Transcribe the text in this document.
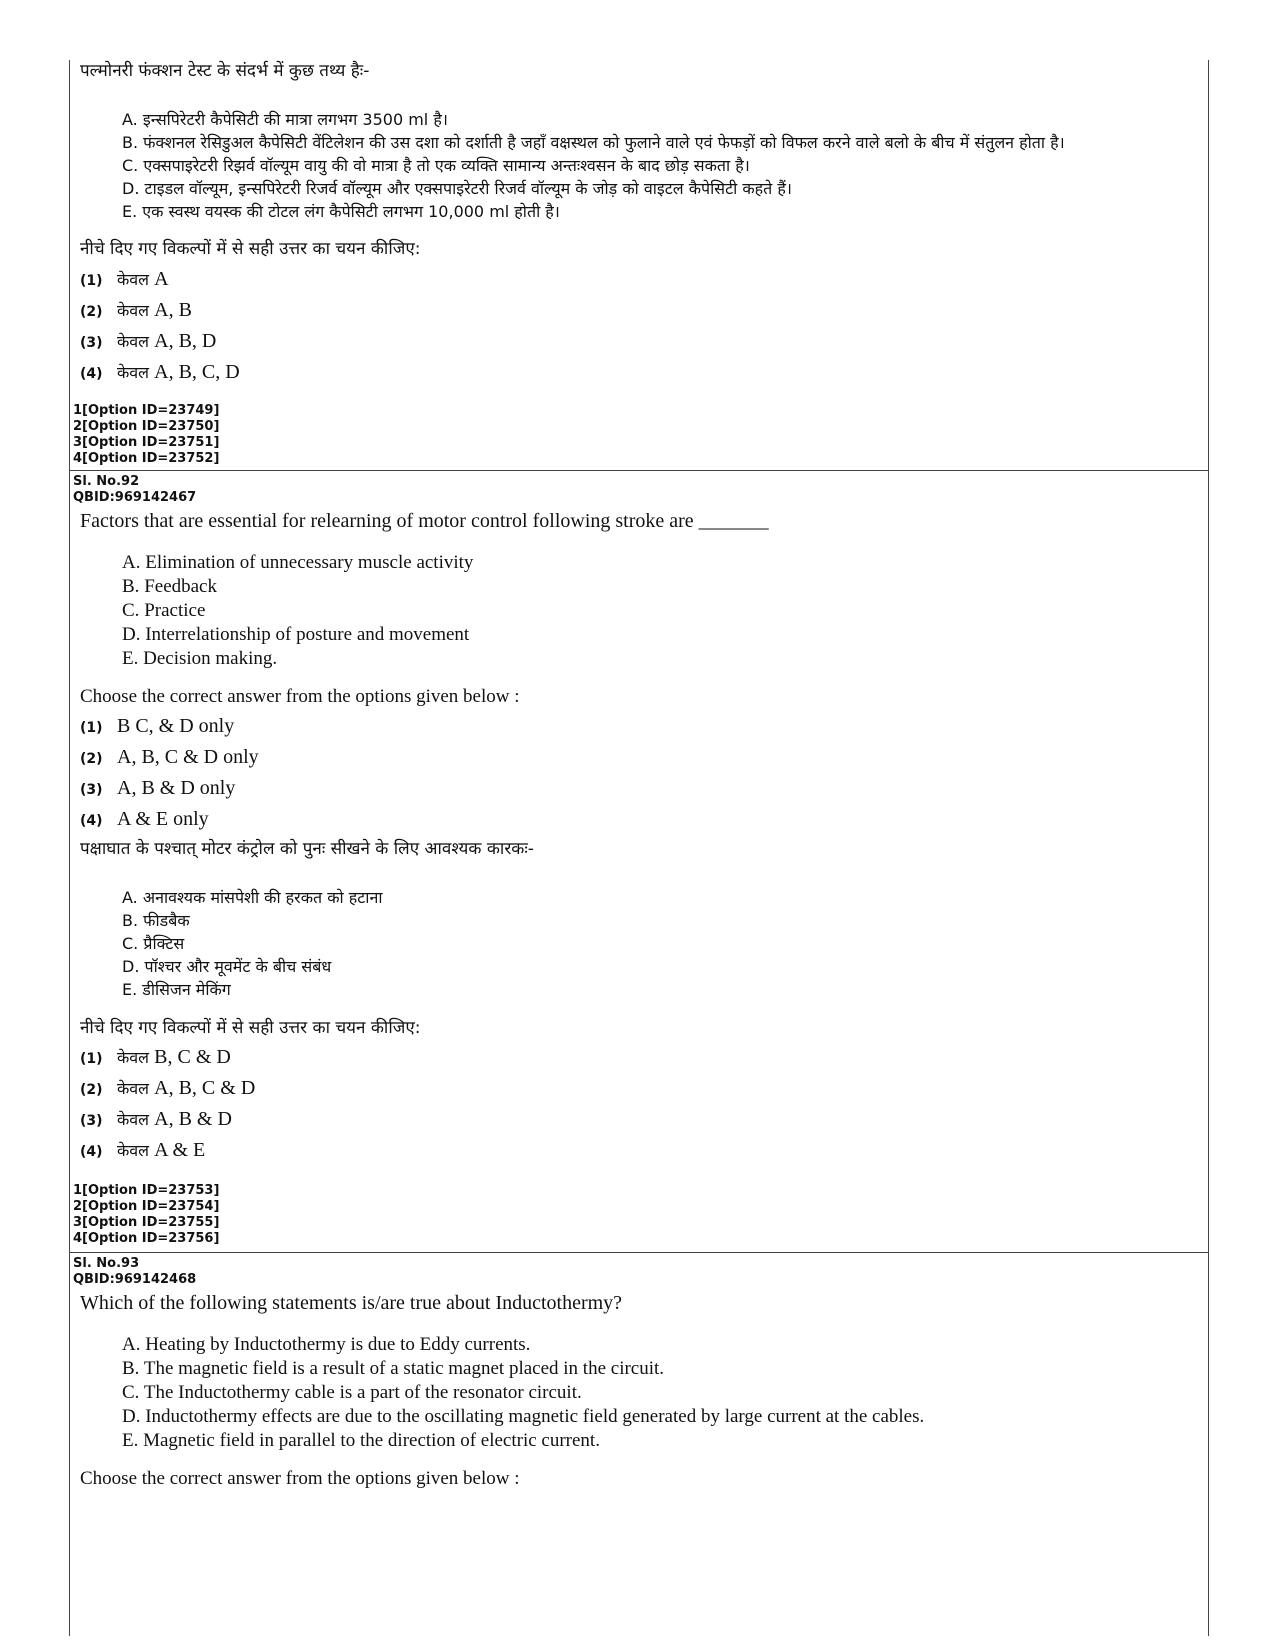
पल्मोनरी फंक्शन टेस्ट के संदर्भ में कुछ तथ्य हैः-
A. इन्सपिरेटरी कैपेसिटी की मात्रा लगभग 3500 ml है।
B. फंक्शनल रेसिडुअल कैपेसिटी वेंटिलेशन की उस दशा को दर्शाती है जहाँ वक्षस्थल को फुलाने वाले एवं फेफड़ों को विफल करने वाले बलो के बीच में संतुलन होता है।
C. एक्सपाइरेटरी रिझर्व वॉल्यूम वायु की वो मात्रा है तो एक व्यक्ति सामान्य अन्तःश्वसन के बाद छोड़ सकता है।
D. टाइडल वॉल्यूम, इन्सपिरेटरी रिजर्व वॉल्यूम और एक्सपाइरेटरी रिजर्व वॉल्यूम के जोड़ को वाइटल कैपेसिटी कहते हैं।
E. एक स्वस्थ वयस्क की टोटल लंग कैपेसिटी लगभग 10,000 ml होती है।
नीचे दिए गए विकल्पों में से सही उत्तर का चयन कीजिए:
(1) केवल A
(2) केवल A, B
(3) केवल A, B, D
(4) केवल A, B, C, D
1[Option ID=23749]
2[Option ID=23750]
3[Option ID=23751]
4[Option ID=23752]
Sl. No.92
QBID:969142467
Factors that are essential for relearning of motor control following stroke are _______
A. Elimination of unnecessary muscle activity
B. Feedback
C. Practice
D. Interrelationship of posture and movement
E. Decision making.
Choose the correct answer from the options given below :
(1) B C, & D only
(2) A, B, C & D only
(3) A, B & D only
(4) A & E only
पक्षाघात के पश्चात् मोटर कंट्रोल को पुनः सीखने के लिए आवश्यक कारकः-
A. अनावश्यक मांसपेशी की हरकत को हटाना
B. फीडबैक
C. प्रैक्टिस
D. पॉश्चर और मूवमेंट के बीच संबंध
E. डीसिजन मेकिंग
नीचे दिए गए विकल्पों में से सही उत्तर का चयन कीजिए:
(1) केवल B, C & D
(2) केवल A, B, C & D
(3) केवल A, B & D
(4) केवल A & E
1[Option ID=23753]
2[Option ID=23754]
3[Option ID=23755]
4[Option ID=23756]
Sl. No.93
QBID:969142468
Which of the following statements is/are true about Inductothermy?
A. Heating by Inductothermy is due to Eddy currents.
B. The magnetic field is a result of a static magnet placed in the circuit.
C. The Inductothermy cable is a part of the resonator circuit.
D. Inductothermy effects are due to the oscillating magnetic field generated by large current at the cables.
E. Magnetic field in parallel to the direction of electric current.
Choose the correct answer from the options given below :
